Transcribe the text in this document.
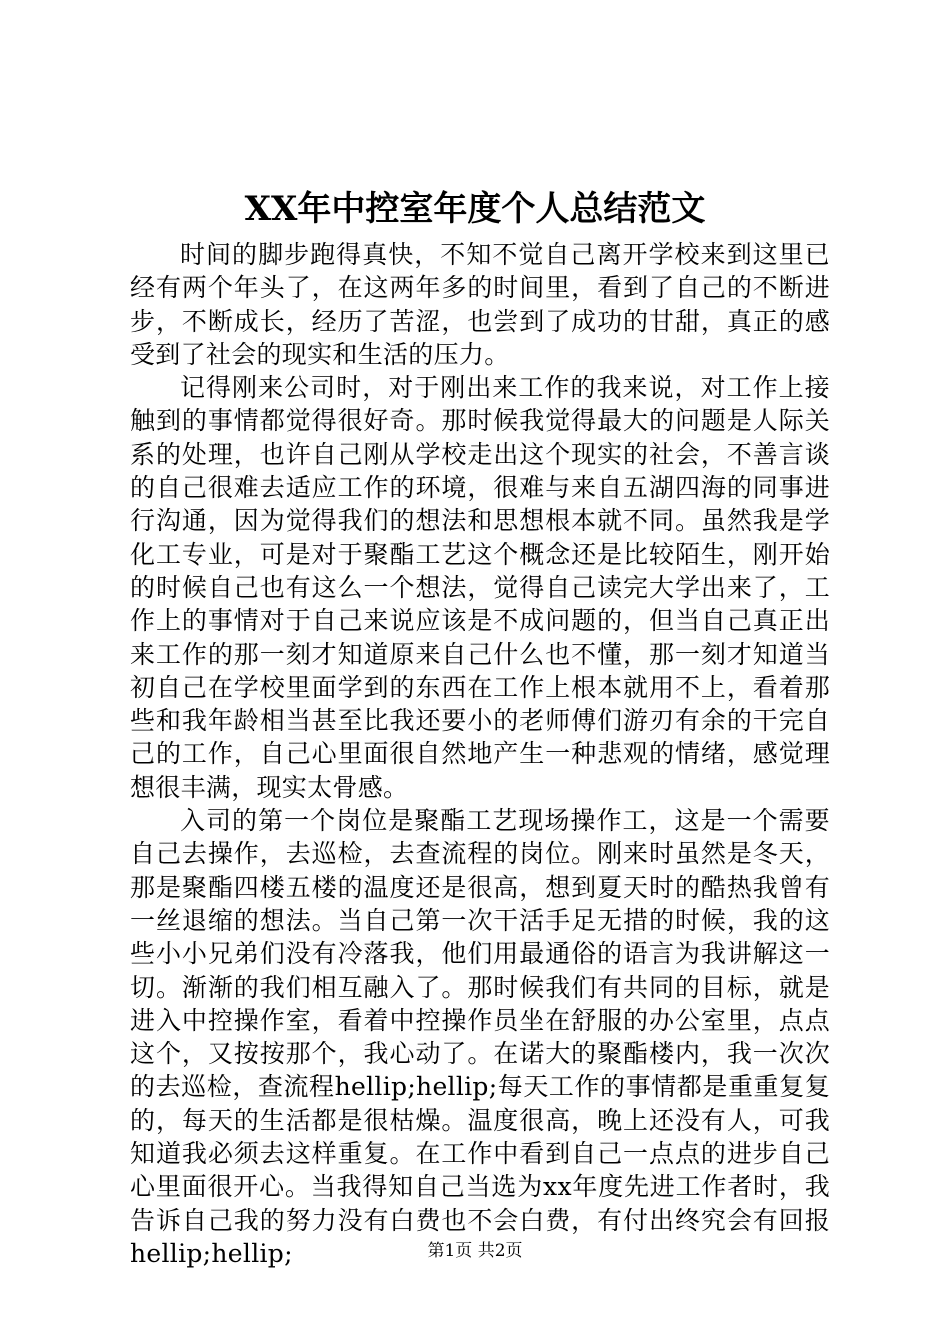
XX年中控室年度个人总结范文

时间的脚步跑得真快，不知不觉自己离开学校来到这里已经有两个年头了，在这两年多的时间里，看到了自己的不断进步，不断成长，经历了苦涩，也尝到了成功的甘甜，真正的感受到了社会的现实和生活的压力。

记得刚来公司时，对于刚出来工作的我来说，对工作上接触到的事情都觉得很好奇。那时候我觉得最大的问题是人际关系的处理，也许自己刚从学校走出这个现实的社会，不善言谈的自己很难去适应工作的环境，很难与来自五湖四海的同事进行沟通，因为觉得我们的想法和思想根本就不同。虽然我是学化工专业，可是对于聚酯工艺这个概念还是比较陌生，刚开始的时候自己也有这么一个想法，觉得自己读完大学出来了，工作上的事情对于自己来说应该是不成问题的，但当自己真正出来工作的那一刻才知道原来自己什么也不懂，那一刻才知道当初自己在学校里面学到的东西在工作上根本就用不上，看着那些和我年龄相当甚至比我还要小的老师傅们游刃有余的干完自己的工作，自己心里面很自然地产生一种悲观的情绪，感觉理想很丰满，现实太骨感。

入司的第一个岗位是聚酯工艺现场操作工，这是一个需要自己去操作，去巡检，去查流程的岗位。刚来时虽然是冬天，那是聚酯四楼五楼的温度还是很高，想到夏天时的酷热我曾有一丝退缩的想法。当自己第一次干活手足无措的时候，我的这些小小兄弟们没有冷落我，他们用最通俗的语言为我讲解这一切。渐渐的我们相互融入了。那时候我们有共同的目标，就是进入中控操作室，看着中控操作员坐在舒服的办公室里，点点这个，又按按那个，我心动了。在诺大的聚酯楼内，我一次次的去巡检，查流程hellip;hellip;每天工作的事情都是重重复复的，每天的生活都是很枯燥。温度很高，晚上还没有人，可我知道我必须去这样重复。在工作中看到自己一点点的进步自己心里面很开心。当我得知自己当选为xx年度先进工作者时，我告诉自己我的努力没有白费也不会白费，有付出终究会有回报hellip;hellip;	第1页 共2页
